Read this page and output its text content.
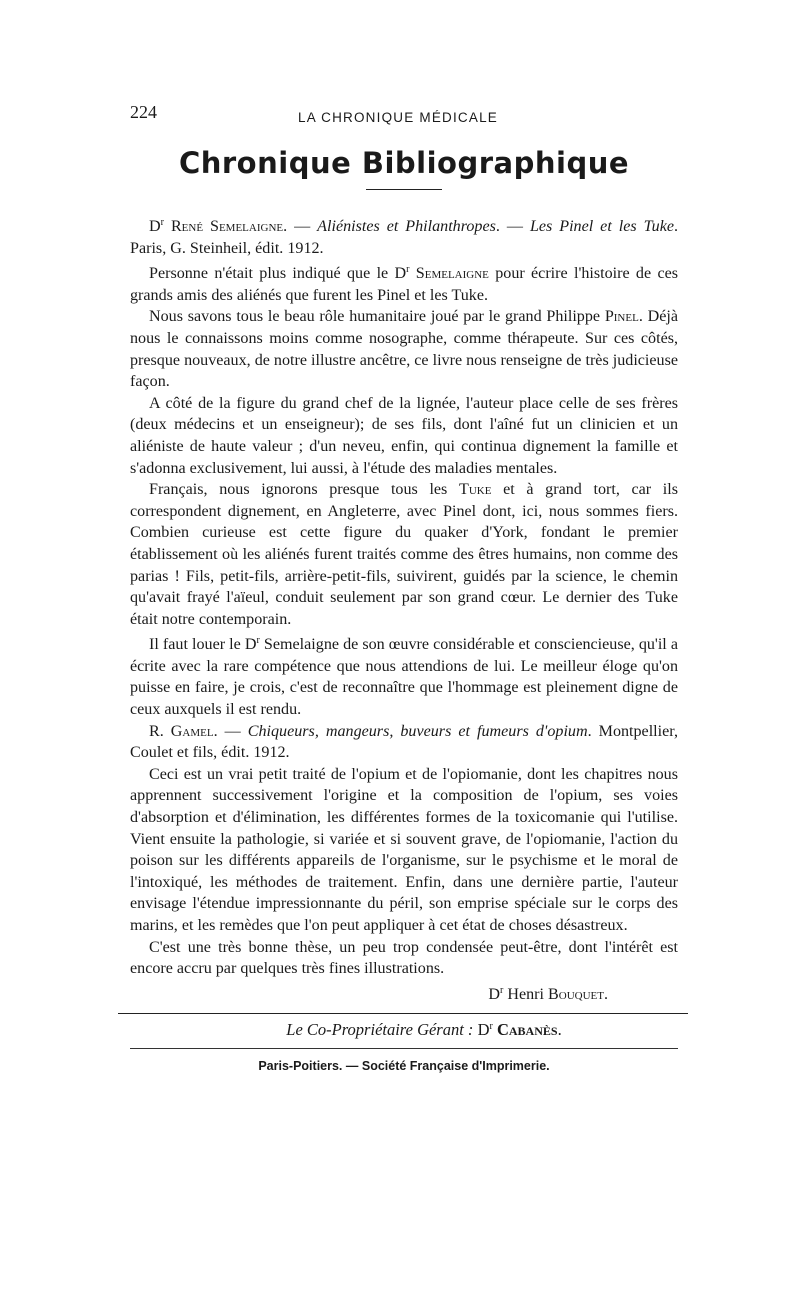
224	LA CHRONIQUE MÉDICALE
Chronique Bibliographique

$D^r$ René Semelaigne. — Aliénistes et Philanthropes. — Les Pinel et les Tuke. Paris, G. Steinheil, édit. 1912.

Personne n'était plus indiqué que le $D^r$ Semelaigne pour écrire l'histoire de ces grands amis des aliénés que furent les Pinel et les Tuke.

Nous savons tous le beau rôle humanitaire joué par le grand Philippe Pinel. Déjà nous le connaissons moins comme nosographe, comme thérapeute. Sur ces côtés, presque nouveaux, de notre illustre ancêtre, ce livre nous renseigne de très judicieuse façon.

A côté de la figure du grand chef de la lignée, l'auteur place celle de ses frères (deux médecins et un enseigneur); de ses fils, dont l'aîné fut un clinicien et un aliéniste de haute valeur ; d'un neveu, enfin, qui continua dignement la famille et s'adonna exclusivement, lui aussi, à l'étude des maladies mentales.

Français, nous ignorons presque tous les Tuke et à grand tort, car ils correspondent dignement, en Angleterre, avec Pinel dont, ici, nous sommes fiers. Combien curieuse est cette figure du quaker d'York, fondant le premier établissement où les aliénés furent traités comme des êtres humains, non comme des parias ! Fils, petit-fils, arrière-petit-fils, suivirent, guidés par la science, le chemin qu'avait frayé l'aïeul, conduit seulement par son grand cœur. Le dernier des Tuke était notre contemporain.

Il faut louer le $D^r$ Semelaigne de son œuvre considérable et consciencieuse, qu'il a écrite avec la rare compétence que nous attendions de lui. Le meilleur éloge qu'on puisse en faire, je crois, c'est de reconnaître que l'hommage est pleinement digne de ceux auxquels il est rendu.

R. Gamel. — Chiqueurs, mangeurs, buveurs et fumeurs d'opium. Montpellier, Coulet et fils, édit. 1912.

Ceci est un vrai petit traité de l'opium et de l'opiomanie, dont les chapitres nous apprennent successivement l'origine et la composition de l'opium, ses voies d'absorption et d'élimination, les différentes formes de la toxicomanie qui l'utilise. Vient ensuite la pathologie, si variée et si souvent grave, de l'opiomanie, l'action du poison sur les différents appareils de l'organisme, sur le psychisme et le moral de l'intoxiqué, les méthodes de traitement. Enfin, dans une dernière partie, l'auteur envisage l'étendue impressionnante du péril, son emprise spéciale sur le corps des marins, et les remèdes que l'on peut appliquer à cet état de choses désastreux.

C'est une très bonne thèse, un peu trop condensée peut-être, dont l'intérêt est encore accru par quelques très fines illustrations.

$D^r$ Henri Bouquet.
Le Co-Propriétaire Gérant : $D^r$ Cabanès.
Paris-Poitiers. — Société Française d'Imprimerie.
